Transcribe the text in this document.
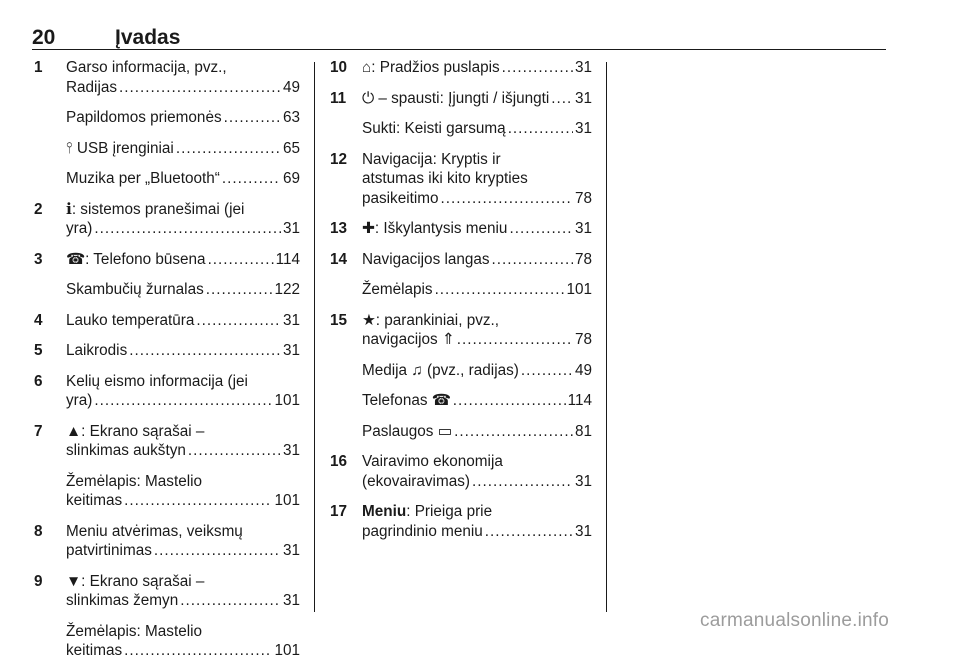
20	Įvadas
1 Garso informacija, pvz.,
Radijas .....	49
Papildomos priemonės .....	63
⫯ USB įrenginiai .....	65
Muzika per „Bluetooth“ .....	69
2 ℹ: sistemos pranešimai (jei
yra) .....	31
3 ☎: Telefono būsena .....	114
Skambučių žurnalas .....	122
4 Lauko temperatūra .....	31
5 Laikrodis .....	31
6 Kelių eismo informacija (jei
yra) .....	101
7 ▲: Ekrano sąrašai –
slinkimas aukštyn .....	31
Žemėlapis: Mastelio
keitimas .....	101
8 Meniu atvėrimas, veiksmų
patvirtinimas .....	31
9 ▼: Ekrano sąrašai –
slinkimas žemyn .....	31
Žemėlapis: Mastelio
keitimas .....	101
10 ⌂: Pradžios puslapis .....	31
11 ⏻ – spausti: Įjungti / išjungti ..... 31
Sukti: Keisti garsumą .....	31
12 Navigacija: Kryptis ir
atstumas iki kito krypties
pasikeitimo .....	78
13 ✚: Iškylantysis meniu .....	31
14 Navigacijos langas .....	78
Žemėlapis .....	101
15 ★: parankiniai, pvz.,
navigacijos ⇑ .....	78
Medija ♫ (pvz., radijas) .....	49
Telefonas ☎ .....	114
Paslaugos ▭ .....	81
16 Vairavimo ekonomija
(ekovairavimas) .....	31
17 Meniu: Prieiga prie
pagrindinio meniu .....	31
carmanualsonline.info
